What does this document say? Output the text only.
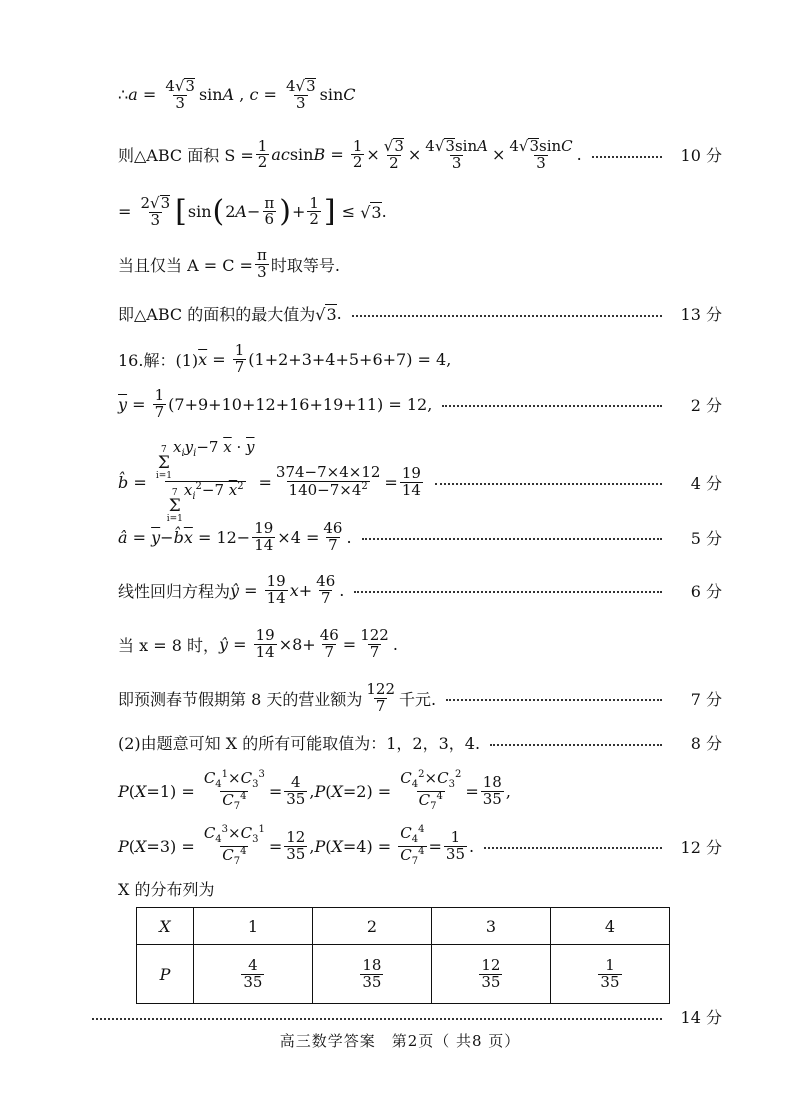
∴ $a = \frac{4√ 3}{3}$ sinA , $c = \frac{4√ 3}{3}$ sinC
则△ABC 面积 $S = \frac{1}{2}$ $acsinB = \frac{1}{2} \times \frac{√ 3}{2} \times \frac{4√ 3 \sin A}{3} \times \frac{4√ 3 \sin C}{3}$ .	10 分
= $\frac{2√ 3}{3}$ [ sin ( 2 $A - \frac{\pi}{6}$ ) + $\frac{1}{2}$ ] ≤ √ 3 .
当且仅当 $A = C = \frac{\pi}{3}$ 时取等号.
即△ABC 的面积的最大值为 √ 3 .	13 分
16.解：(1) $\overline{x} = \frac{1}{7} (1+2+3+4+5+6+7) = 4$,
$\overline{y} = \frac{1}{7} (7+9+10+12+16+19+11) = 12$,	2 分
b̂ = 7
Σ
i=1
$x_iy_i-7$ $\overline{x} \cdot \overline{y}$
7
Σ
i=1
$x_i^2-7$ $\overline{x}^2 = \frac{374-7\times 4\times 12}{140-7\times 4^2} = \frac{19}{14}$	4 分
â = $\overline{y}$ − b̂ $\overline{x} = 12- \frac{19}{14} \times 4 = \frac{46}{7}$ .	5 分
线性回归方程为 ŷ = $\frac{19}{14}$ $x + \frac{46}{7}$ .	6 分
当 x = 8 时， ŷ = $\frac{19}{14} \times 8+ \frac{46}{7} = \frac{122}{7}$ .
即预测春节假期第 8 天的营业额为 $\frac{122}{7}$ 千元.	7 分
(2)由题意可知 X 的所有可能取值为：1，2，3，4.	8 分
P ( $X =1) = \frac{C_4^1\times C_3^3}{C_7^4} = \frac{4}{35}$ , P ( $X =2) = \frac{C_4^2\times C_3^2}{C_7^4} = \frac{18}{35}$ ,
P ( $X =3) = \frac{C_4^3\times C_3^1}{C_7^4} = \frac{12}{35}$ , P ( $X =4) = \frac{C_4^4}{C_7^4} = \frac{1}{35}$ .	12 分
X 的分布列为
X	1	2	3	4
P	$\frac{4}{35}$	$\frac{18}{35}$	$\frac{12}{35}$	$\frac{1}{35}$
14 分
高三数学答案　第2页（ 共8 页）
